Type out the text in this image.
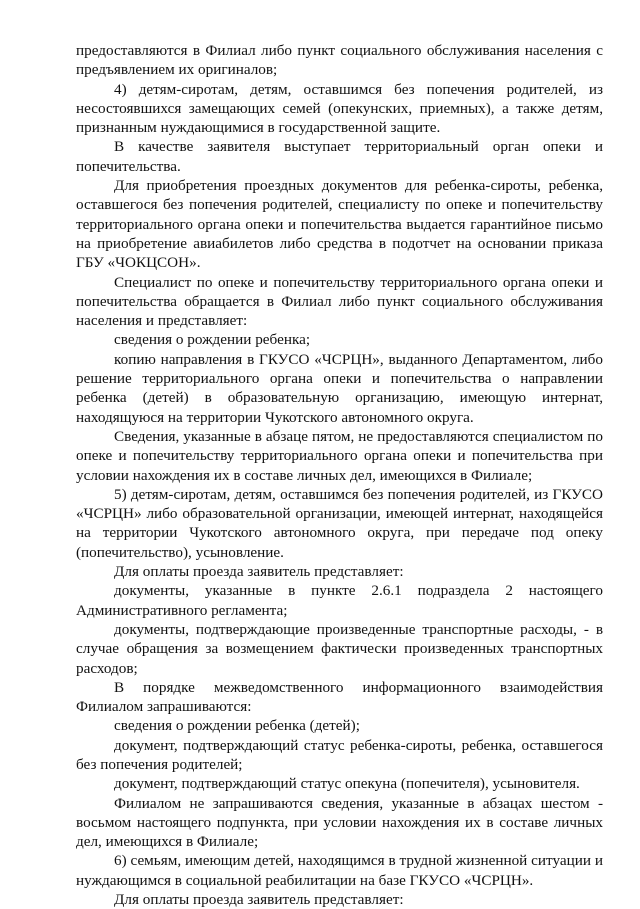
предоставляются в Филиал либо пункт социального обслуживания населения с предъявлением их оригиналов;

4) детям-сиротам, детям, оставшимся без попечения родителей, из несостоявшихся замещающих семей (опекунских, приемных), а также детям, признанным нуждающимися в государственной защите.

В качестве заявителя выступает территориальный орган опеки и попечительства.

Для приобретения проездных документов для ребенка-сироты, ребенка, оставшегося без попечения родителей, специалисту по опеке и попечительству территориального органа опеки и попечительства выдается гарантийное письмо на приобретение авиабилетов либо средства в подотчет на основании приказа ГБУ «ЧОКЦСОН».

Специалист по опеке и попечительству территориального органа опеки и попечительства обращается в Филиал либо пункт социального обслуживания населения и представляет:

сведения о рождении ребенка;

копию направления в ГКУСО «ЧСРЦН», выданного Департаментом, либо решение территориального органа опеки и попечительства о направлении ребенка (детей) в образовательную организацию, имеющую интернат, находящуюся на территории Чукотского автономного округа.

Сведения, указанные в абзаце пятом, не предоставляются специалистом по опеке и попечительству территориального органа опеки и попечительства при условии нахождения их в составе личных дел, имеющихся в Филиале;

5) детям-сиротам, детям, оставшимся без попечения родителей, из ГКУСО «ЧСРЦН» либо образовательной организации, имеющей интернат, находящейся на территории Чукотского автономного округа, при передаче под опеку (попечительство), усыновление.

Для оплаты проезда заявитель представляет:

документы, указанные в пункте 2.6.1 подраздела 2 настоящего Административного регламента;

документы, подтверждающие произведенные транспортные расходы, - в случае обращения за возмещением фактически произведенных транспортных расходов;

В порядке межведомственного информационного взаимодействия Филиалом запрашиваются:

сведения о рождении ребенка (детей);

документ, подтверждающий статус ребенка-сироты, ребенка, оставшегося без попечения родителей;

документ, подтверждающий статус опекуна (попечителя), усыновителя.

Филиалом не запрашиваются сведения, указанные в абзацах шестом - восьмом настоящего подпункта, при условии нахождения их в составе личных дел, имеющихся в Филиале;

6) семьям, имеющим детей, находящимся в трудной жизненной ситуации и нуждающимся в социальной реабилитации на базе ГКУСО «ЧСРЦН».

Для оплаты проезда заявитель представляет:
